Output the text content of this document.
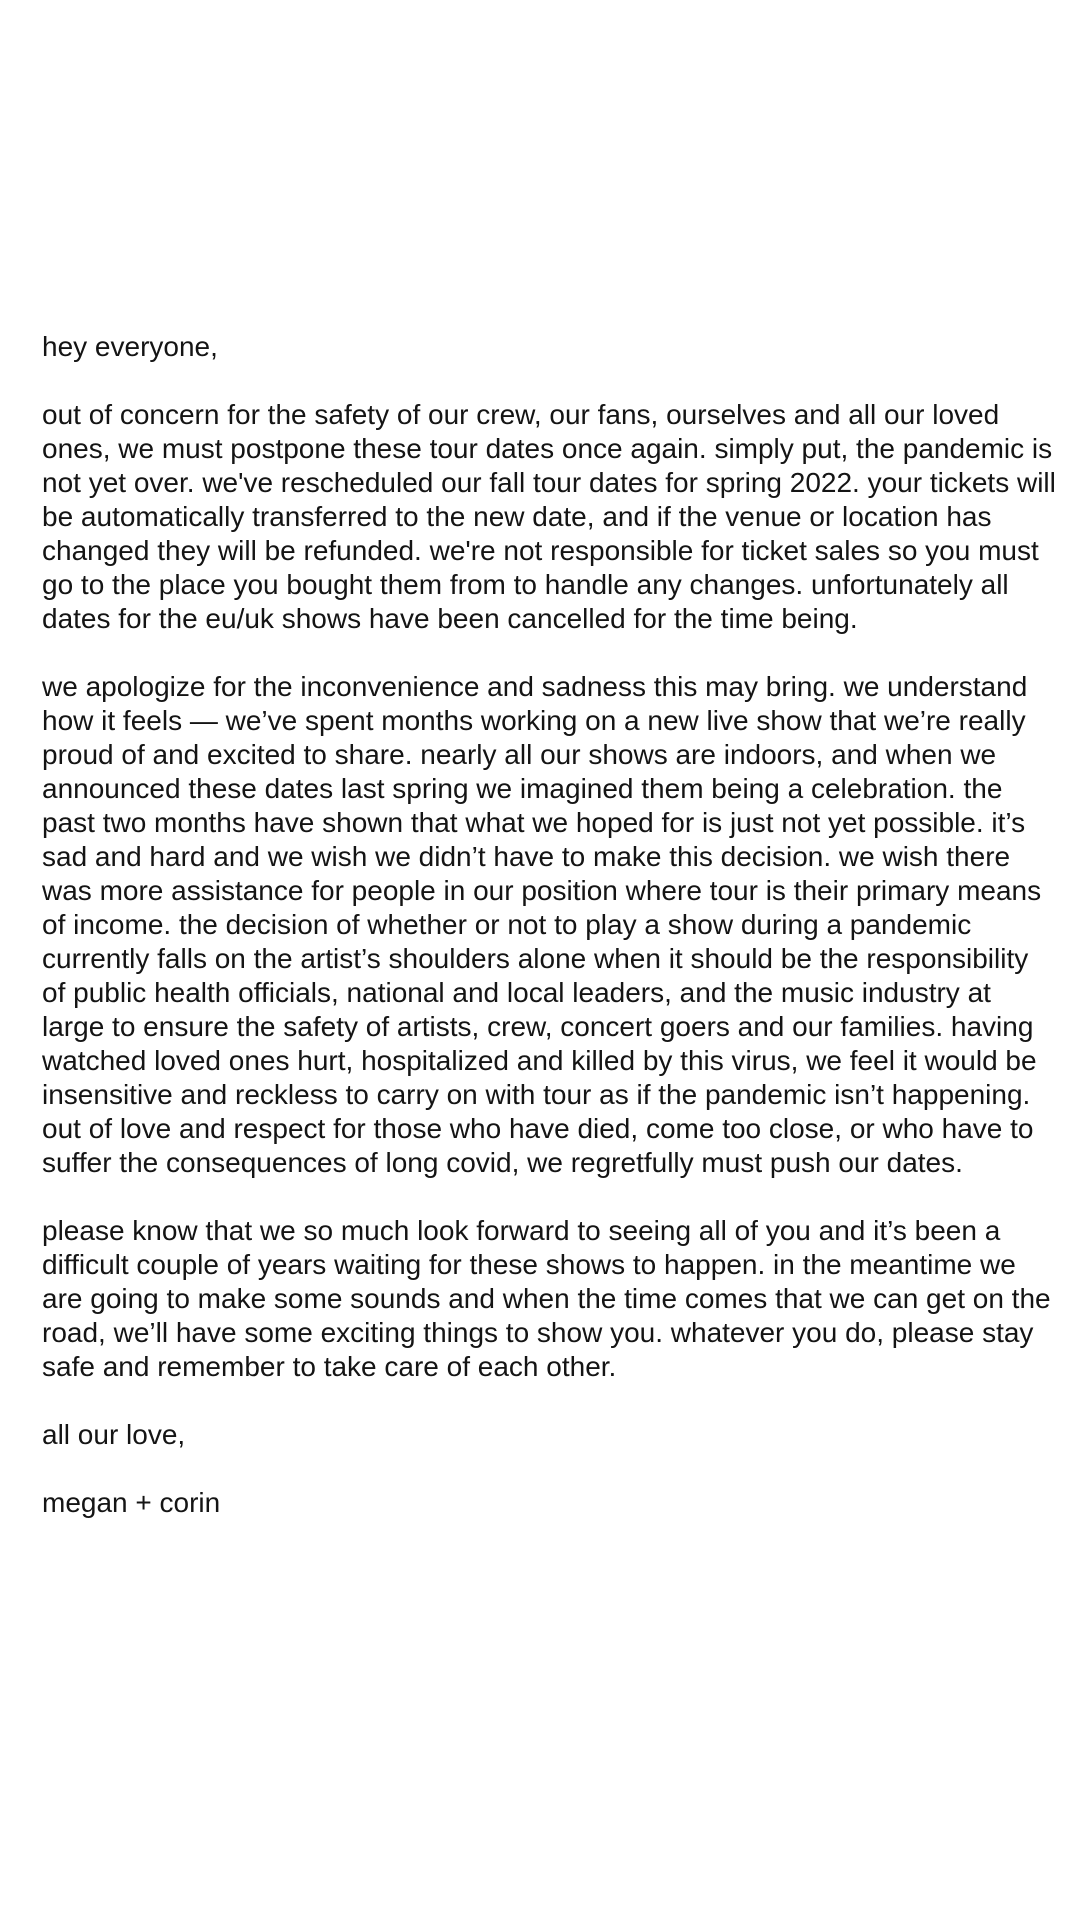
hey everyone,

out of concern for the safety of our crew, our fans, ourselves and all our loved ones, we must postpone these tour dates once again. simply put, the pandemic is not yet over. we've rescheduled our fall tour dates for spring 2022. your tickets will be automatically transferred to the new date, and if the venue or location has changed they will be refunded. we're not responsible for ticket sales so you must go to the place you bought them from to handle any changes. unfortunately all dates for the eu/uk shows have been cancelled for the time being.

we apologize for the inconvenience and sadness this may bring. we understand how it feels — we’ve spent months working on a new live show that we’re really proud of and excited to share. nearly all our shows are indoors, and when we announced these dates last spring we imagined them being a celebration. the past two months have shown that what we hoped for is just not yet possible. it’s sad and hard and we wish we didn’t have to make this decision. we wish there was more assistance for people in our position where tour is their primary means of income. the decision of whether or not to play a show during a pandemic currently falls on the artist’s shoulders alone when it should be the responsibility of public health officials, national and local leaders, and the music industry at large to ensure the safety of artists, crew, concert goers and our families. having watched loved ones hurt, hospitalized and killed by this virus, we feel it would be insensitive and reckless to carry on with tour as if the pandemic isn’t happening. out of love and respect for those who have died, come too close, or who have to suffer the consequences of long covid, we regretfully must push our dates.

please know that we so much look forward to seeing all of you and it’s been a difficult couple of years waiting for these shows to happen. in the meantime we are going to make some sounds and when the time comes that we can get on the road, we’ll have some exciting things to show you. whatever you do, please stay safe and remember to take care of each other.

all our love,

megan + corin
